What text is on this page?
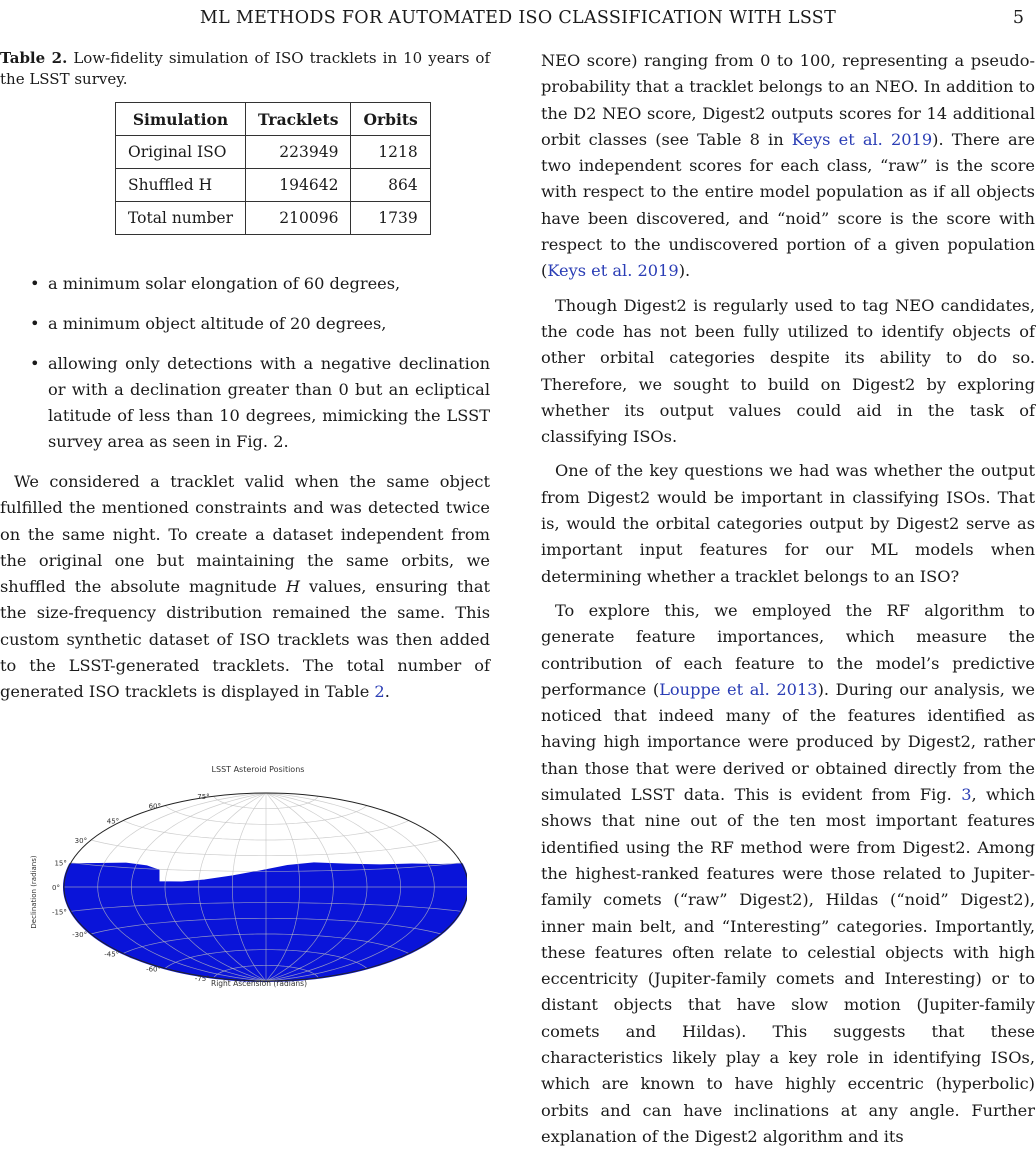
ML METHODS FOR AUTOMATED ISO CLASSIFICATION WITH LSST	5

Table 2. Low-fidelity simulation of ISO tracklets in 10 years of the LSST survey.

Simulation	Tracklets	Orbits
Original ISO	223949	1218
Shuffled H	194642	864
Total number	210096	1739
• a minimum solar elongation of 60 degrees,
• a minimum object altitude of 20 degrees,
• allowing only detections with a negative declination or with a declination greater than 0 but an ecliptical latitude of less than 10 degrees, mimicking the LSST survey area as seen in Fig. 2.

We considered a tracklet valid when the same object fulfilled the mentioned constraints and was detected twice on the same night. To create a dataset independent from the original one but maintaining the same orbits, we shuffled the absolute magnitude H values, ensuring that the size-frequency distribution remained the same. This custom synthetic dataset of ISO tracklets was then added to the LSST-generated tracklets. The total number of generated ISO tracklets is displayed in Table 2.

75°
60°
45°
30°
15°
0°
-15°
-30°
-45°
-60°
-75°
LSST Asteroid Positions
Right Ascension (radians)
Declination (radians)

NEO score) ranging from 0 to 100, representing a pseudo-probability that a tracklet belongs to an NEO. In addition to the D2 NEO score, Digest2 outputs scores for 14 additional orbit classes (see Table 8 in Keys et al. 2019). There are two independent scores for each class, “raw” is the score with respect to the entire model population as if all objects have been discovered, and “noid” score is the score with respect to the undiscovered portion of a given population (Keys et al. 2019).

Though Digest2 is regularly used to tag NEO candidates, the code has not been fully utilized to identify objects of other orbital categories despite its ability to do so. Therefore, we sought to build on Digest2 by exploring whether its output values could aid in the task of classifying ISOs.

One of the key questions we had was whether the output from Digest2 would be important in classifying ISOs. That is, would the orbital categories output by Digest2 serve as important input features for our ML models when determining whether a tracklet belongs to an ISO?

To explore this, we employed the RF algorithm to generate feature importances, which measure the contribution of each feature to the model’s predictive performance (Louppe et al. 2013). During our analysis, we noticed that indeed many of the features identified as having high importance were produced by Digest2, rather than those that were derived or obtained directly from the simulated LSST data. This is evident from Fig. 3, which shows that nine out of the ten most important features identified using the RF method were from Digest2. Among the highest-ranked features were those related to Jupiter-family comets (“raw” Digest2), Hildas (“noid” Digest2), inner main belt, and “Interesting” categories. Importantly, these features often relate to celestial objects with high eccentricity (Jupiter-family comets and Interesting) or to distant objects that have slow motion (Jupiter-family comets and Hildas). This suggests that these characteristics likely play a key role in identifying ISOs, which are known to have highly eccentric (hyperbolic) orbits and can have inclinations at any angle. Further explanation of the Digest2 algorithm and its
